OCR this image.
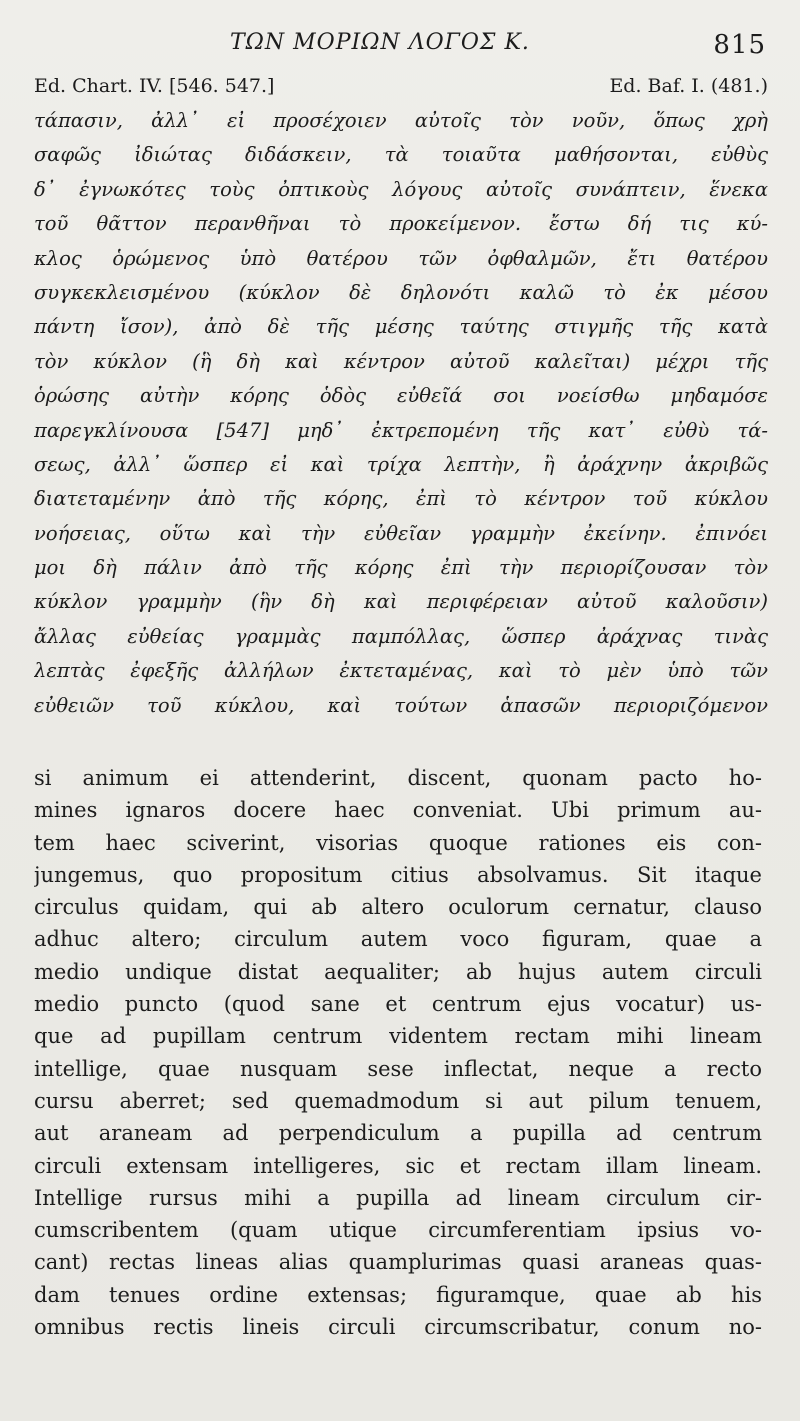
ΤΩΝ ΜΟΡΙΩΝ ΛΟΓΟΣ Κ.	815
Ed. Chart. IV. [546. 547.]	Ed. Baf. I. (481.)
τάπασιν, ἀλλ᾽ εἰ προσέχοιεν αὐτοῖς τὸν νοῦν, ὅπως χρὴ
σαφῶς ἰδιώτας διδάσκειν, τὰ τοιαῦτα μαθήσονται, εὐθὺς
δ᾽ ἐγνωκότες τοὺς ὀπτικοὺς λόγους αὐτοῖς συνάπτειν, ἕνεκα
τοῦ θᾶττον περανθῆναι τὸ προκείμενον. ἔστω δή τις κύ-
κλος ὁρώμενος ὑπὸ θατέρου τῶν ὀφθαλμῶν, ἔτι θατέρου
συγκεκλεισμένου (κύκλον δὲ δηλονότι καλῶ τὸ ἐκ μέσου
πάντη ἴσον), ἀπὸ δὲ τῆς μέσης ταύτης στιγμῆς τῆς κατὰ
τὸν κύκλον (ἣ δὴ καὶ κέντρον αὐτοῦ καλεῖται) μέχρι τῆς
ὁρώσης αὐτὴν κόρης ὁδὸς εὐθεῖά σοι νοείσθω μηδαμόσε
παρεγκλίνουσα [547] μηδ᾽ ἐκτρεπομένη τῆς κατ᾽ εὐθὺ τά-
σεως, ἀλλ᾽ ὥσπερ εἰ καὶ τρίχα λεπτὴν, ἢ ἀράχνην ἀκριβῶς
διατεταμένην ἀπὸ τῆς κόρης, ἐπὶ τὸ κέντρον τοῦ κύκλου
νοήσειας, οὕτω καὶ τὴν εὐθεῖαν γραμμὴν ἐκείνην. ἐπινόει
μοι δὴ πάλιν ἀπὸ τῆς κόρης ἐπὶ τὴν περιορίζουσαν τὸν
κύκλον γραμμὴν (ἣν δὴ καὶ περιφέρειαν αὐτοῦ καλοῦσιν)
ἄλλας εὐθείας γραμμὰς παμπόλλας, ὥσπερ ἀράχνας τινὰς
λεπτὰς ἐφεξῆς ἀλλήλων ἐκτεταμένας, καὶ τὸ μὲν ὑπὸ τῶν
εὐθειῶν τοῦ κύκλου, καὶ τούτων ἁπασῶν περιοριζόμενον
si animum ei attenderint, discent, quonam pacto ho-
mines ignaros docere haec conveniat. Ubi primum au-
tem haec sciverint, visorias quoque rationes eis con-
jungemus, quo propositum citius absolvamus. Sit itaque
circulus quidam, qui ab altero oculorum cernatur, clauso
adhuc altero; circulum autem voco figuram, quae a
medio undique distat aequaliter; ab hujus autem circuli
medio puncto (quod sane et centrum ejus vocatur) us-
que ad pupillam centrum videntem rectam mihi lineam
intellige, quae nusquam sese inflectat, neque a recto
cursu aberret; sed quemadmodum si aut pilum tenuem,
aut araneam ad perpendiculum a pupilla ad centrum
circuli extensam intelligeres, sic et rectam illam lineam.
Intellige rursus mihi a pupilla ad lineam circulum cir-
cumscribentem (quam utique circumferentiam ipsius vo-
cant) rectas lineas alias quamplurimas quasi araneas quas-
dam tenues ordine extensas; figuramque, quae ab his
omnibus rectis lineis circuli circumscribatur, conum no-
